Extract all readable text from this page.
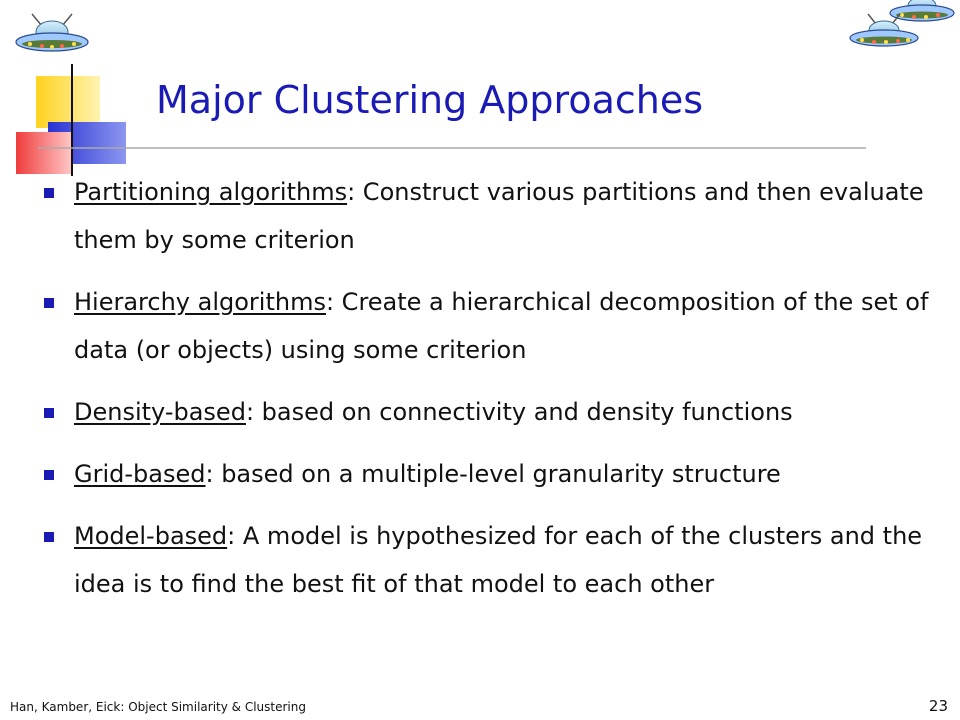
Major Clustering Approaches
Partitioning algorithms: Construct various partitions and then evaluate them by some criterion
Hierarchy algorithms: Create a hierarchical decomposition of the set of data (or objects) using some criterion
Density-based: based on connectivity and density functions
Grid-based: based on a multiple-level granularity structure
Model-based: A model is hypothesized for each of the clusters and the idea is to find the best fit of that model to each other
Han, Kamber, Eick: Object Similarity & Clustering	23
